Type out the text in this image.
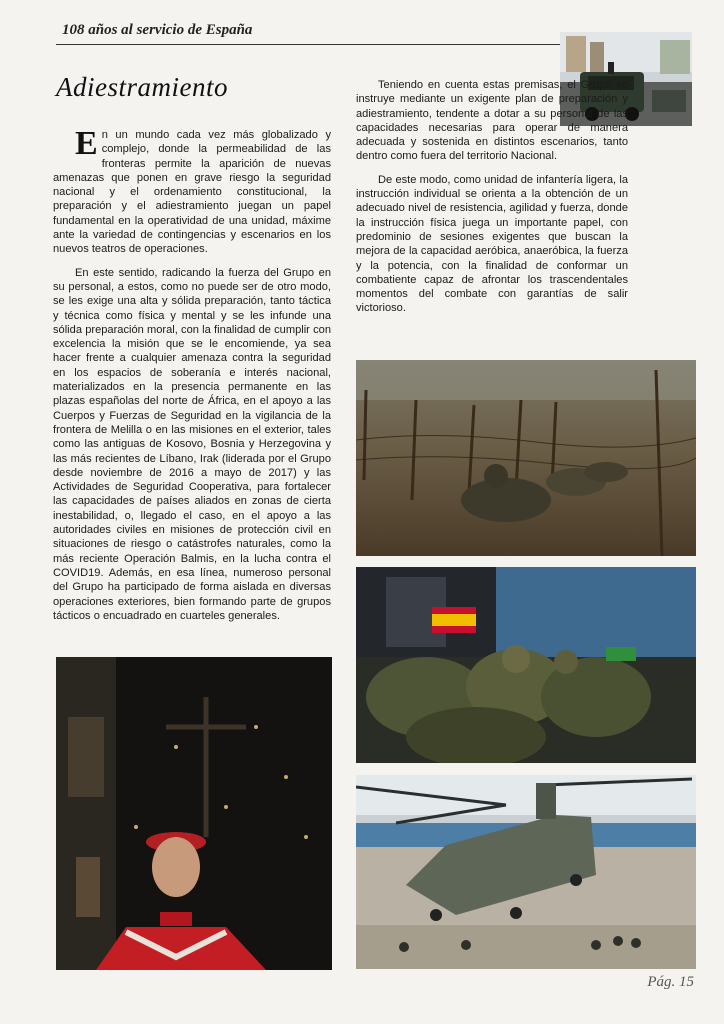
108 años al servicio de España
Adiestramiento

En un mundo cada vez más globalizado y complejo, donde la permeabilidad de las fronteras permite la aparición de nuevas amenazas que ponen en grave riesgo la seguridad nacional y el ordenamiento constitucional, la preparación y el adiestramiento juegan un papel fundamental en la operatividad de una unidad, máxime ante la variedad de contingencias y escenarios en los nuevos teatros de operaciones.

En este sentido, radicando la fuerza del Grupo en su personal, a estos, como no puede ser de otro modo, se les exige una alta y sólida preparación, tanto táctica y técnica como física y mental y se les infunde una sólida preparación moral, con la finalidad de cumplir con excelencia la misión que se le encomiende, ya sea hacer frente a cualquier amenaza contra la seguridad en los espacios de soberanía e interés nacional, materializados en la presencia permanente en las plazas españolas del norte de África, en el apoyo a las Cuerpos y Fuerzas de Seguridad en la vigilancia de la frontera de Melilla o en las misiones en el exterior, tales como las antiguas de Kosovo, Bosnia y Herzegovina y las más recientes de Líbano, Irak (liderada por el Grupo desde noviembre de 2016 a mayo de 2017) y las Actividades de Seguridad Cooperativa, para fortalecer las capacidades de países aliados en zonas de cierta inestabilidad, o, llegado el caso, en el apoyo a las autoridades civiles en misiones de protección civil en situaciones de riesgo o catástrofes naturales, como la más reciente Operación Balmis, en la lucha contra el COVID19. Además, en esa línea, numeroso personal del Grupo ha participado de forma aislada en diversas operaciones exteriores, bien formando parte de grupos tácticos o encuadrado en cuarteles generales.

Teniendo en cuenta estas premisas, el Grupo se instruye mediante un exigente plan de preparación y adiestramiento, tendente a dotar a su personal de las capacidades necesarias para operar de manera adecuada y sostenida en distintos escenarios, tanto dentro como fuera del territorio Nacional.

De este modo, como unidad de infantería ligera, la instrucción individual se orienta a la obtención de un adecuado nivel de resistencia, agilidad y fuerza, donde la instrucción física juega un importante papel, con predominio de sesiones exigentes que buscan la mejora de la capacidad aeróbica, anaeróbica, la fuerza y la potencia, con la finalidad de conformar un combatiente capaz de afrontar los trascendentales momentos del combate con garantías de salir victorioso.

Pág. 15
